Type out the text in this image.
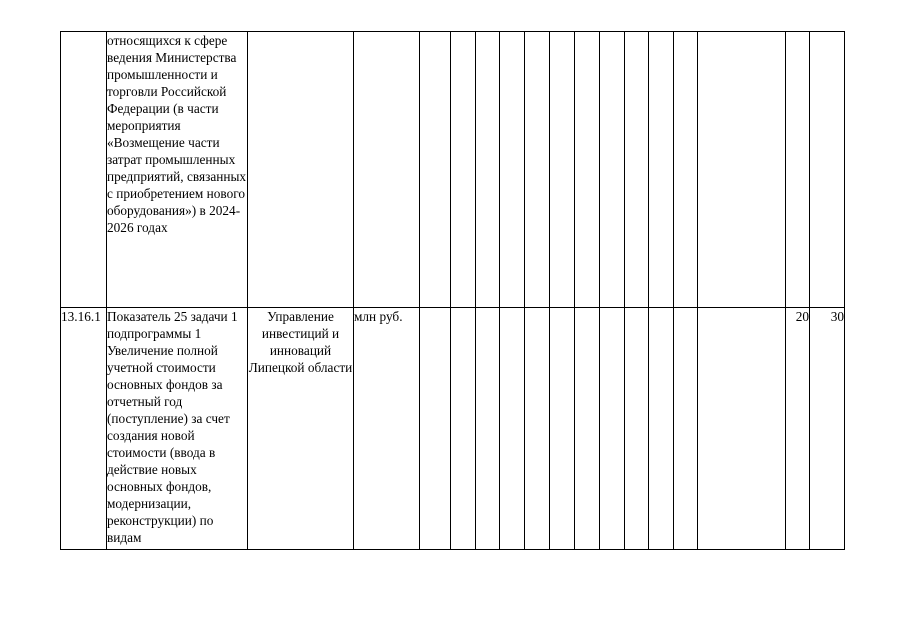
	относящихся к сфере ведения Министерства промышленности и торговли Российской Федерации (в части мероприятия «Возмещение части затрат промышленных предприятий, связанных с приобретением нового оборудования») в 2024-2026 годах																

13.16.1	Показатель 25 задачи 1 подпрограммы 1 Увеличение полной учетной стоимости основных фондов за отчетный год (поступление) за счет создания новой стоимости (ввода в действие новых основных фондов, модернизации, реконструкции) по видам	Управление инвестиций и инноваций Липецкой области	млн руб.													20	30
